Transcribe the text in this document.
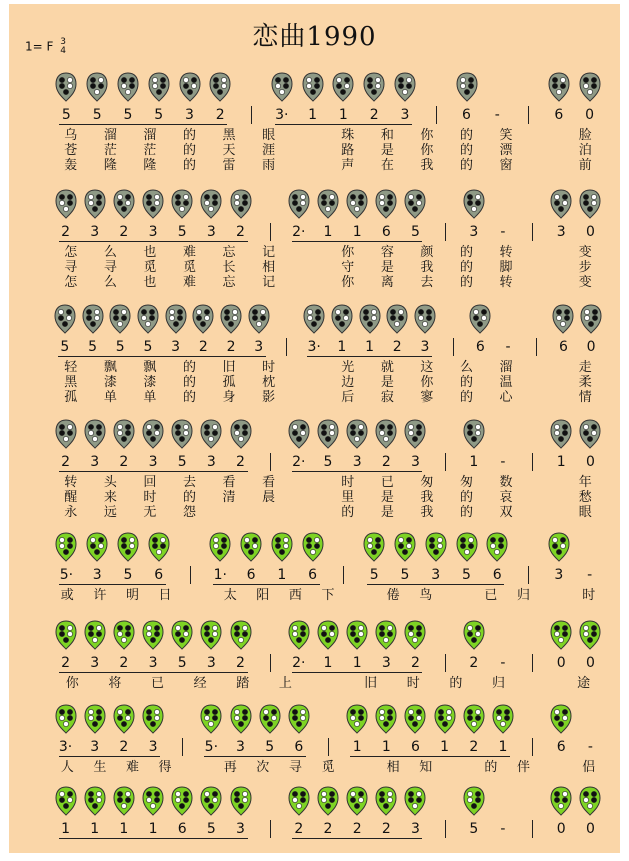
恋曲1990
1= F 3
4
5	5	5	5	3	2	3·	1	1	2	3	6	-	6	0
乌	溜	溜	的	黑	眼	珠	和	你	的	笑	脸
苍	茫	茫	的	天	涯	路	是	你	的	漂	泊
轰	隆	隆	的	雷	雨	声	在	我	的	窗	前
2	3	2	3	5	3	2	2·	1	1	6	5	3	-	3	0
怎	么	也	难	忘	记	你	容	颜	的	转	变
寻	寻	觅	觅	长	相	守	是	我	的	脚	步
怎	么	也	难	忘	记	你	离	去	的	转	变
5	5	5	5	3	2	2	3	3·	1	1	2	3	6	-	6	0
轻	飘	飘	的	旧	时	光	就	这	么	溜	走
黑	漆	漆	的	孤	枕	边	是	你	的	温	柔
孤	单	单	的	身	影	后	寂	寥	的	心	情
2	3	2	3	5	3	2	2·	5	3	2	3	1	-	1	0
转	头	回	去	看	看	时	已	匆	匆	数	年
醒	来	时	的	清	晨	里	是	我	的	哀	愁
永	远	无	怨	的	是	我	的	双	眼
5·	3	5	6	1·	6	1	6	5	5	3	5	6	3	-
或	许	明	日	太	阳	西	下	倦	鸟	已	归	时
2	3	2	3	5	3	2	2·	1	1	3	2	2	-	0	0
你	将	已	经	踏	上	旧	时	的	归	途
3·	3	2	3	5·	3	5	6	1	1	6	1	2	1	6	-
人	生	难	得	再	次	寻	觅	相	知	的	伴	侣
1	1	1	1	6	5	3	2	2	2	2	3	5	-	0	0
